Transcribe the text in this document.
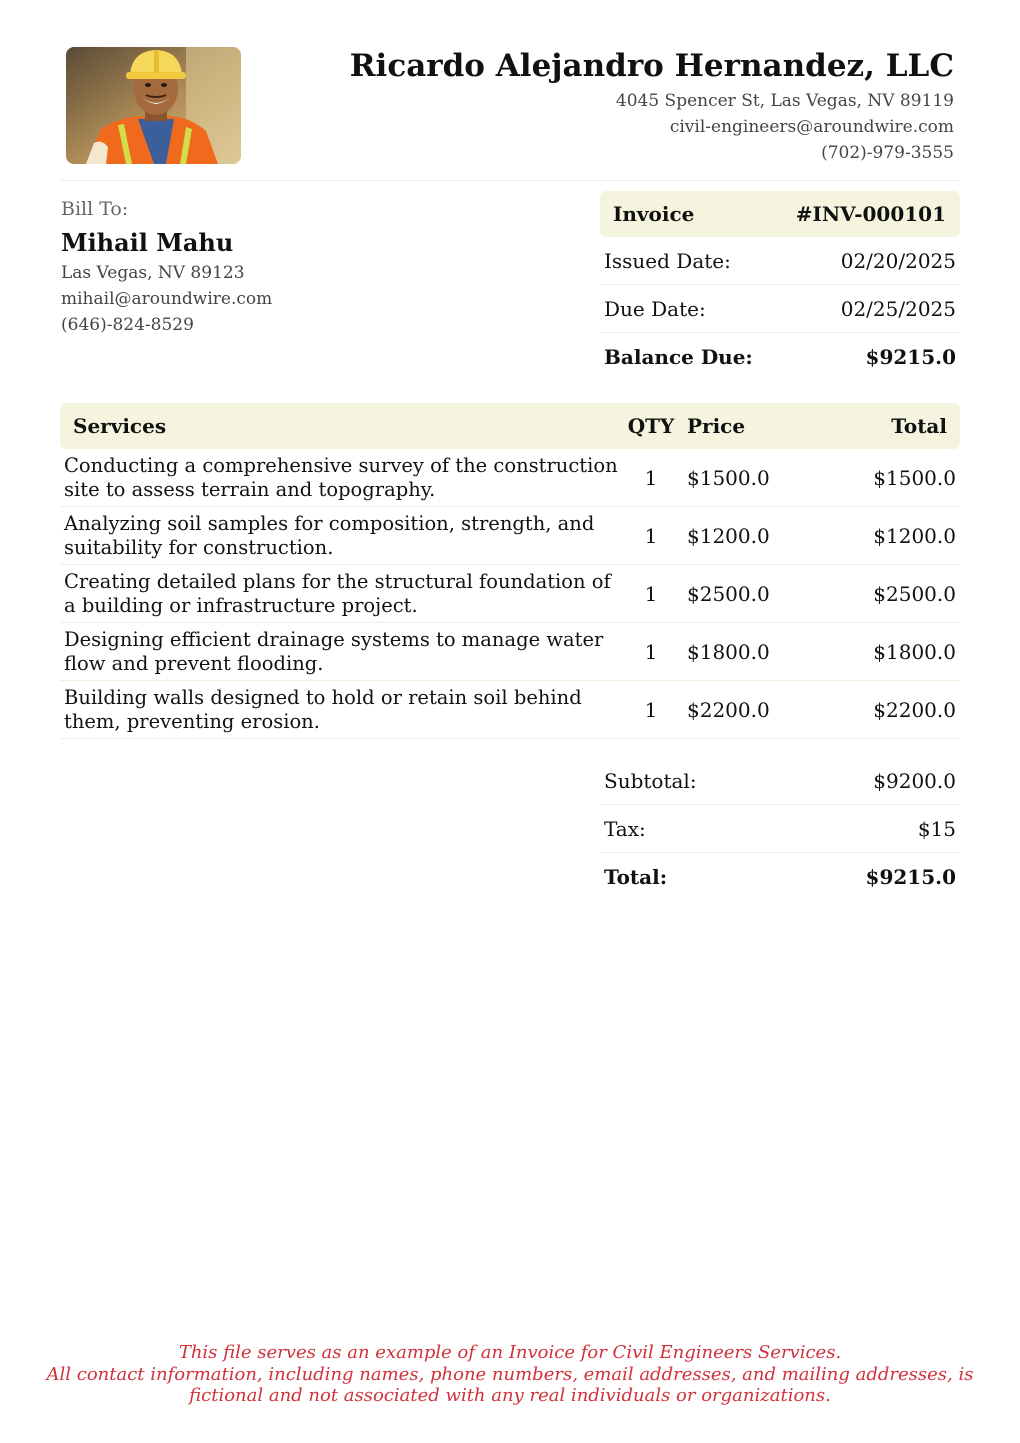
Ricardo Alejandro Hernandez, LLC
4045 Spencer St, Las Vegas, NV 89119
civil-engineers@aroundwire.com
(702)-979-3555
Bill To:
Mihail Mahu
Las Vegas, NV 89123
mihail@aroundwire.com
(646)-824-8529
Invoice	#INV-000101
Issued Date:	02/20/2025
Due Date:	02/25/2025
Balance Due:	$9215.0
Services	QTY Price	Total
Conducting a comprehensive survey of the construction site to assess terrain and topography.	1	$1500.0	$1500.0
Analyzing soil samples for composition, strength, and suitability for construction.	1	$1200.0	$1200.0
Creating detailed plans for the structural foundation of a building or infrastructure project.	1	$2500.0	$2500.0
Designing efficient drainage systems to manage water flow and prevent flooding.	1	$1800.0	$1800.0
Building walls designed to hold or retain soil behind them, preventing erosion.	1	$2200.0	$2200.0
Subtotal:	$9200.0
Tax:	$15
Total:	$9215.0
This file serves as an example of an Invoice for Civil Engineers Services.
All contact information, including names, phone numbers, email addresses, and mailing addresses, is
fictional and not associated with any real individuals or organizations.
